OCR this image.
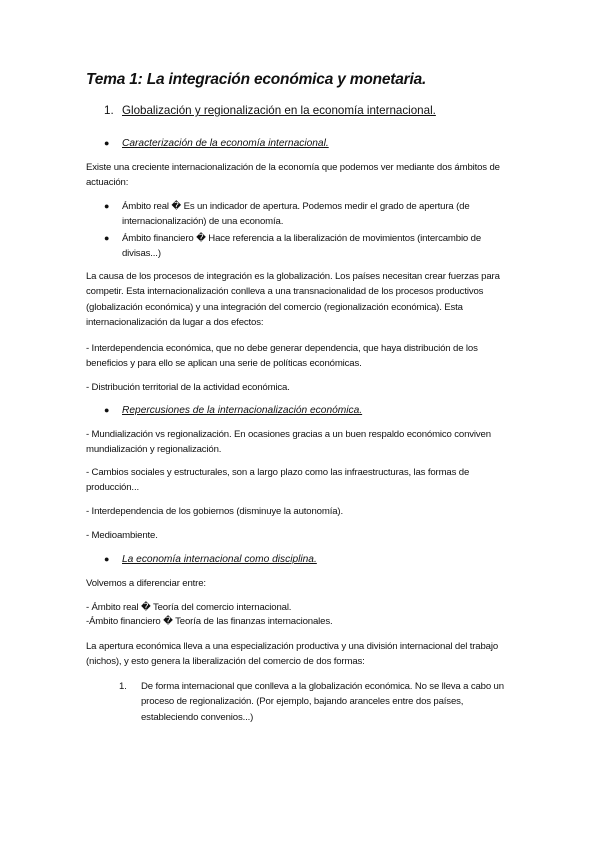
Tema 1: La integración económica y monetaria.
1. Globalización y regionalización en la economía internacional.
● Caracterización de la economía internacional.
Existe una creciente internacionalización de la economía que podemos ver mediante dos ámbitos de actuación:
● Ámbito real � Es un indicador de apertura. Podemos medir el grado de apertura (de internacionalización) de una economía.
● Ámbito financiero � Hace referencia a la liberalización de movimientos (intercambio de divisas...)
La causa de los procesos de integración es la globalización. Los países necesitan crear fuerzas para competir. Esta internacionalización conlleva a una transnacionalidad de los procesos productivos (globalización económica) y una integración del comercio (regionalización económica). Esta internacionalización da lugar a dos efectos:
- Interdependencia económica, que no debe generar dependencia, que haya distribución de los beneficios y para ello se aplican una serie de políticas económicas.
- Distribución territorial de la actividad económica.
● Repercusiones de la internacionalización económica.
- Mundialización vs regionalización. En ocasiones gracias a un buen respaldo económico conviven mundialización y regionalización.
- Cambios sociales y estructurales, son a largo plazo como las infraestructuras, las formas de producción...
- Interdependencia de los gobiernos (disminuye la autonomía).
- Medioambiente.
● La economía internacional como disciplina.
Volvemos a diferenciar entre:
- Ámbito real � Teoría del comercio internacional.
-Ámbito financiero � Teoría de las finanzas internacionales.
La apertura económica lleva a una especialización productiva y una división internacional del trabajo (nichos), y esto genera la liberalización del comercio de dos formas:
1. De forma internacional que conlleva a la globalización económica. No se lleva a cabo un proceso de regionalización. (Por ejemplo, bajando aranceles entre dos países, estableciendo convenios...)
